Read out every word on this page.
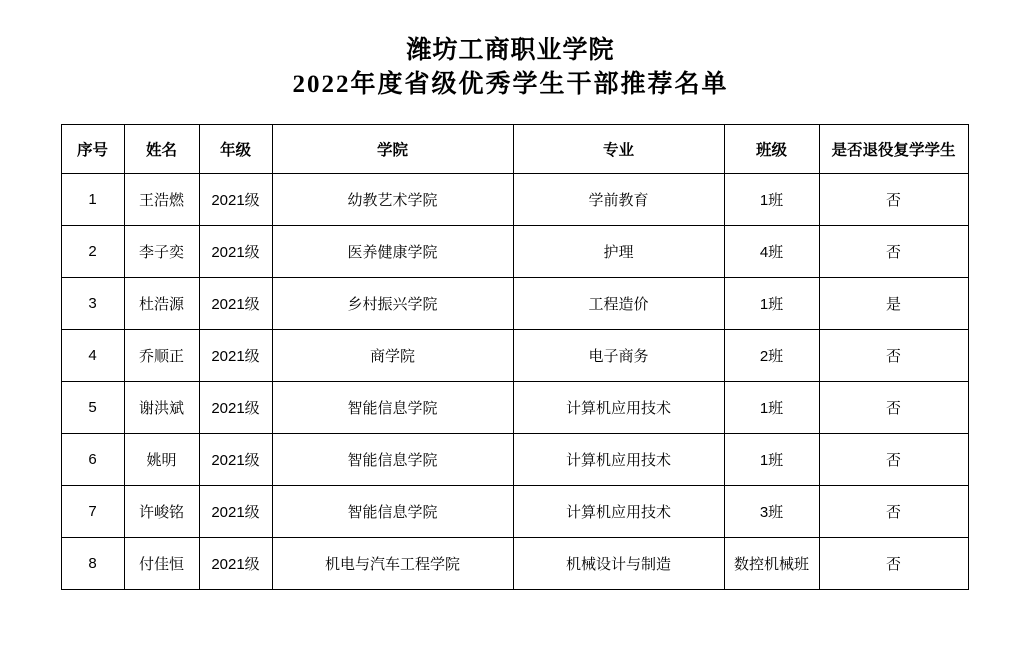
潍坊工商职业学院
2022年度省级优秀学生干部推荐名单
序号	姓名	年级	学院	专业	班级	是否退役复学学生
1	王浩燃	2021级	幼教艺术学院	学前教育	1班	否
2	李子奕	2021级	医养健康学院	护理	4班	否
3	杜浩源	2021级	乡村振兴学院	工程造价	1班	是
4	乔顺正	2021级	商学院	电子商务	2班	否
5	谢洪斌	2021级	智能信息学院	计算机应用技术	1班	否
6	姚明	2021级	智能信息学院	计算机应用技术	1班	否
7	许峻铭	2021级	智能信息学院	计算机应用技术	3班	否
8	付佳恒	2021级	机电与汽车工程学院	机械设计与制造	数控机械班	否
